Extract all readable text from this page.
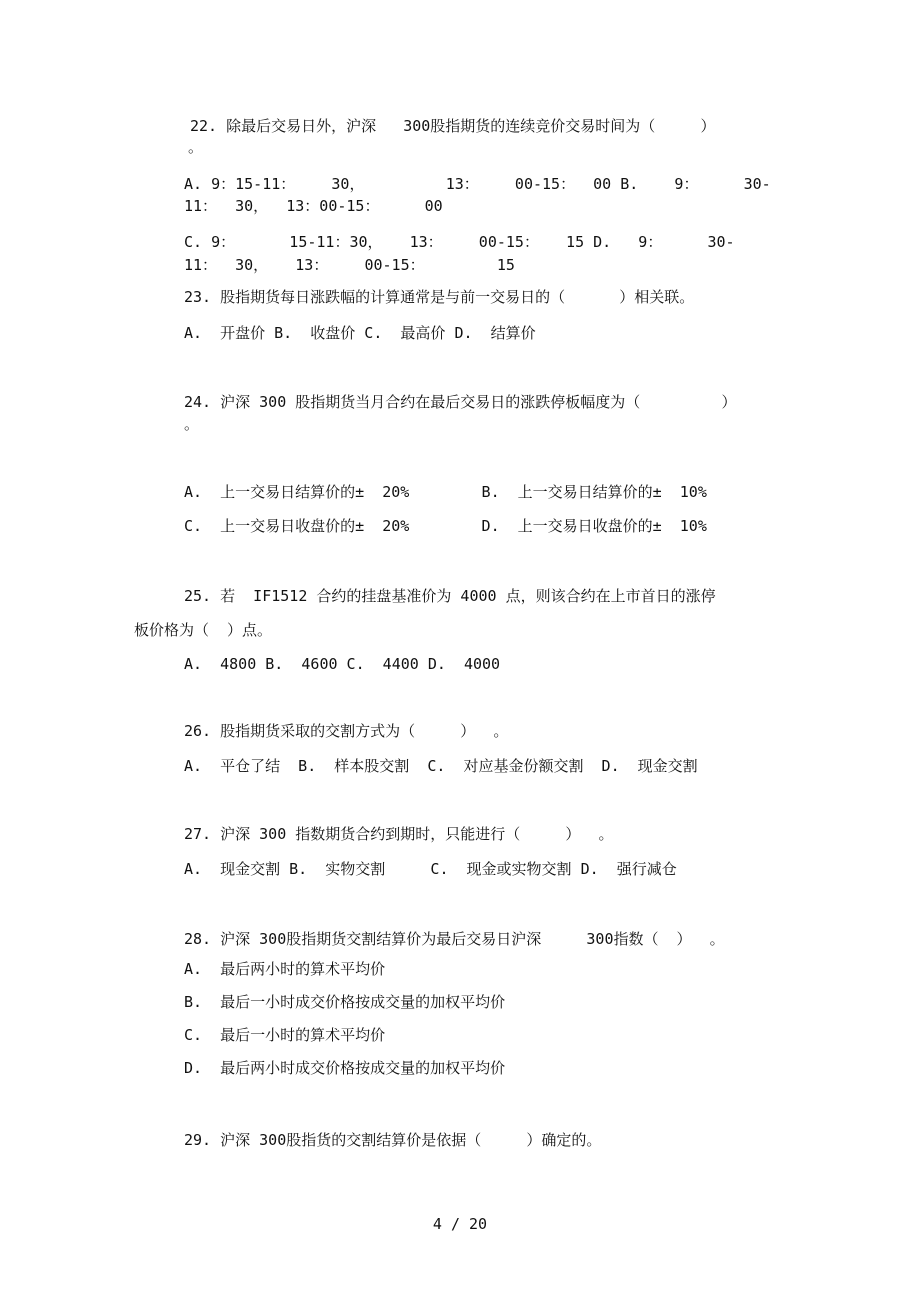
22. 除最后交易日外，沪深   300股指期货的连续竞价交易时间为（     ）
。
A. 9：15-11：    30，         13：    00-15：  00 B.    9：     30-
11：  30，  13：00-15：     00
C. 9：      15-11：30，   13：    00-15：   15 D.   9：     30-
11：  30，   13：    00-15：        15
23. 股指期货每日涨跌幅的计算通常是与前一交易日的（      ）相关联。
A.  开盘价 B.  收盘价 C.  最高价 D.  结算价
24. 沪深 300 股指期货当月合约在最后交易日的涨跌停板幅度为（         ）
。
A.  上一交易日结算价的±  20%        B.  上一交易日结算价的±  10%
C.  上一交易日收盘价的±  20%        D.  上一交易日收盘价的±  10%
25. 若  IF1512 合约的挂盘基准价为 4000 点，则该合约在上市首日的涨停
板价格为（  ）点。
A.  4800 B.  4600 C.  4400 D.  4000
26. 股指期货采取的交割方式为（     ）  。
A.  平仓了结  B.  样本股交割  C.  对应基金份额交割  D.  现金交割
27. 沪深 300 指数期货合约到期时，只能进行（     ）  。
A.  现金交割 B.  实物交割     C.  现金或实物交割 D.  强行减仓
28. 沪深 300股指期货交割结算价为最后交易日沪深     300指数（  ）  。
A.  最后两小时的算术平均价
B.  最后一小时成交价格按成交量的加权平均价
C.  最后一小时的算术平均价
D.  最后两小时成交价格按成交量的加权平均价
29. 沪深 300股指货的交割结算价是依据（     ）确定的。
4 / 20
